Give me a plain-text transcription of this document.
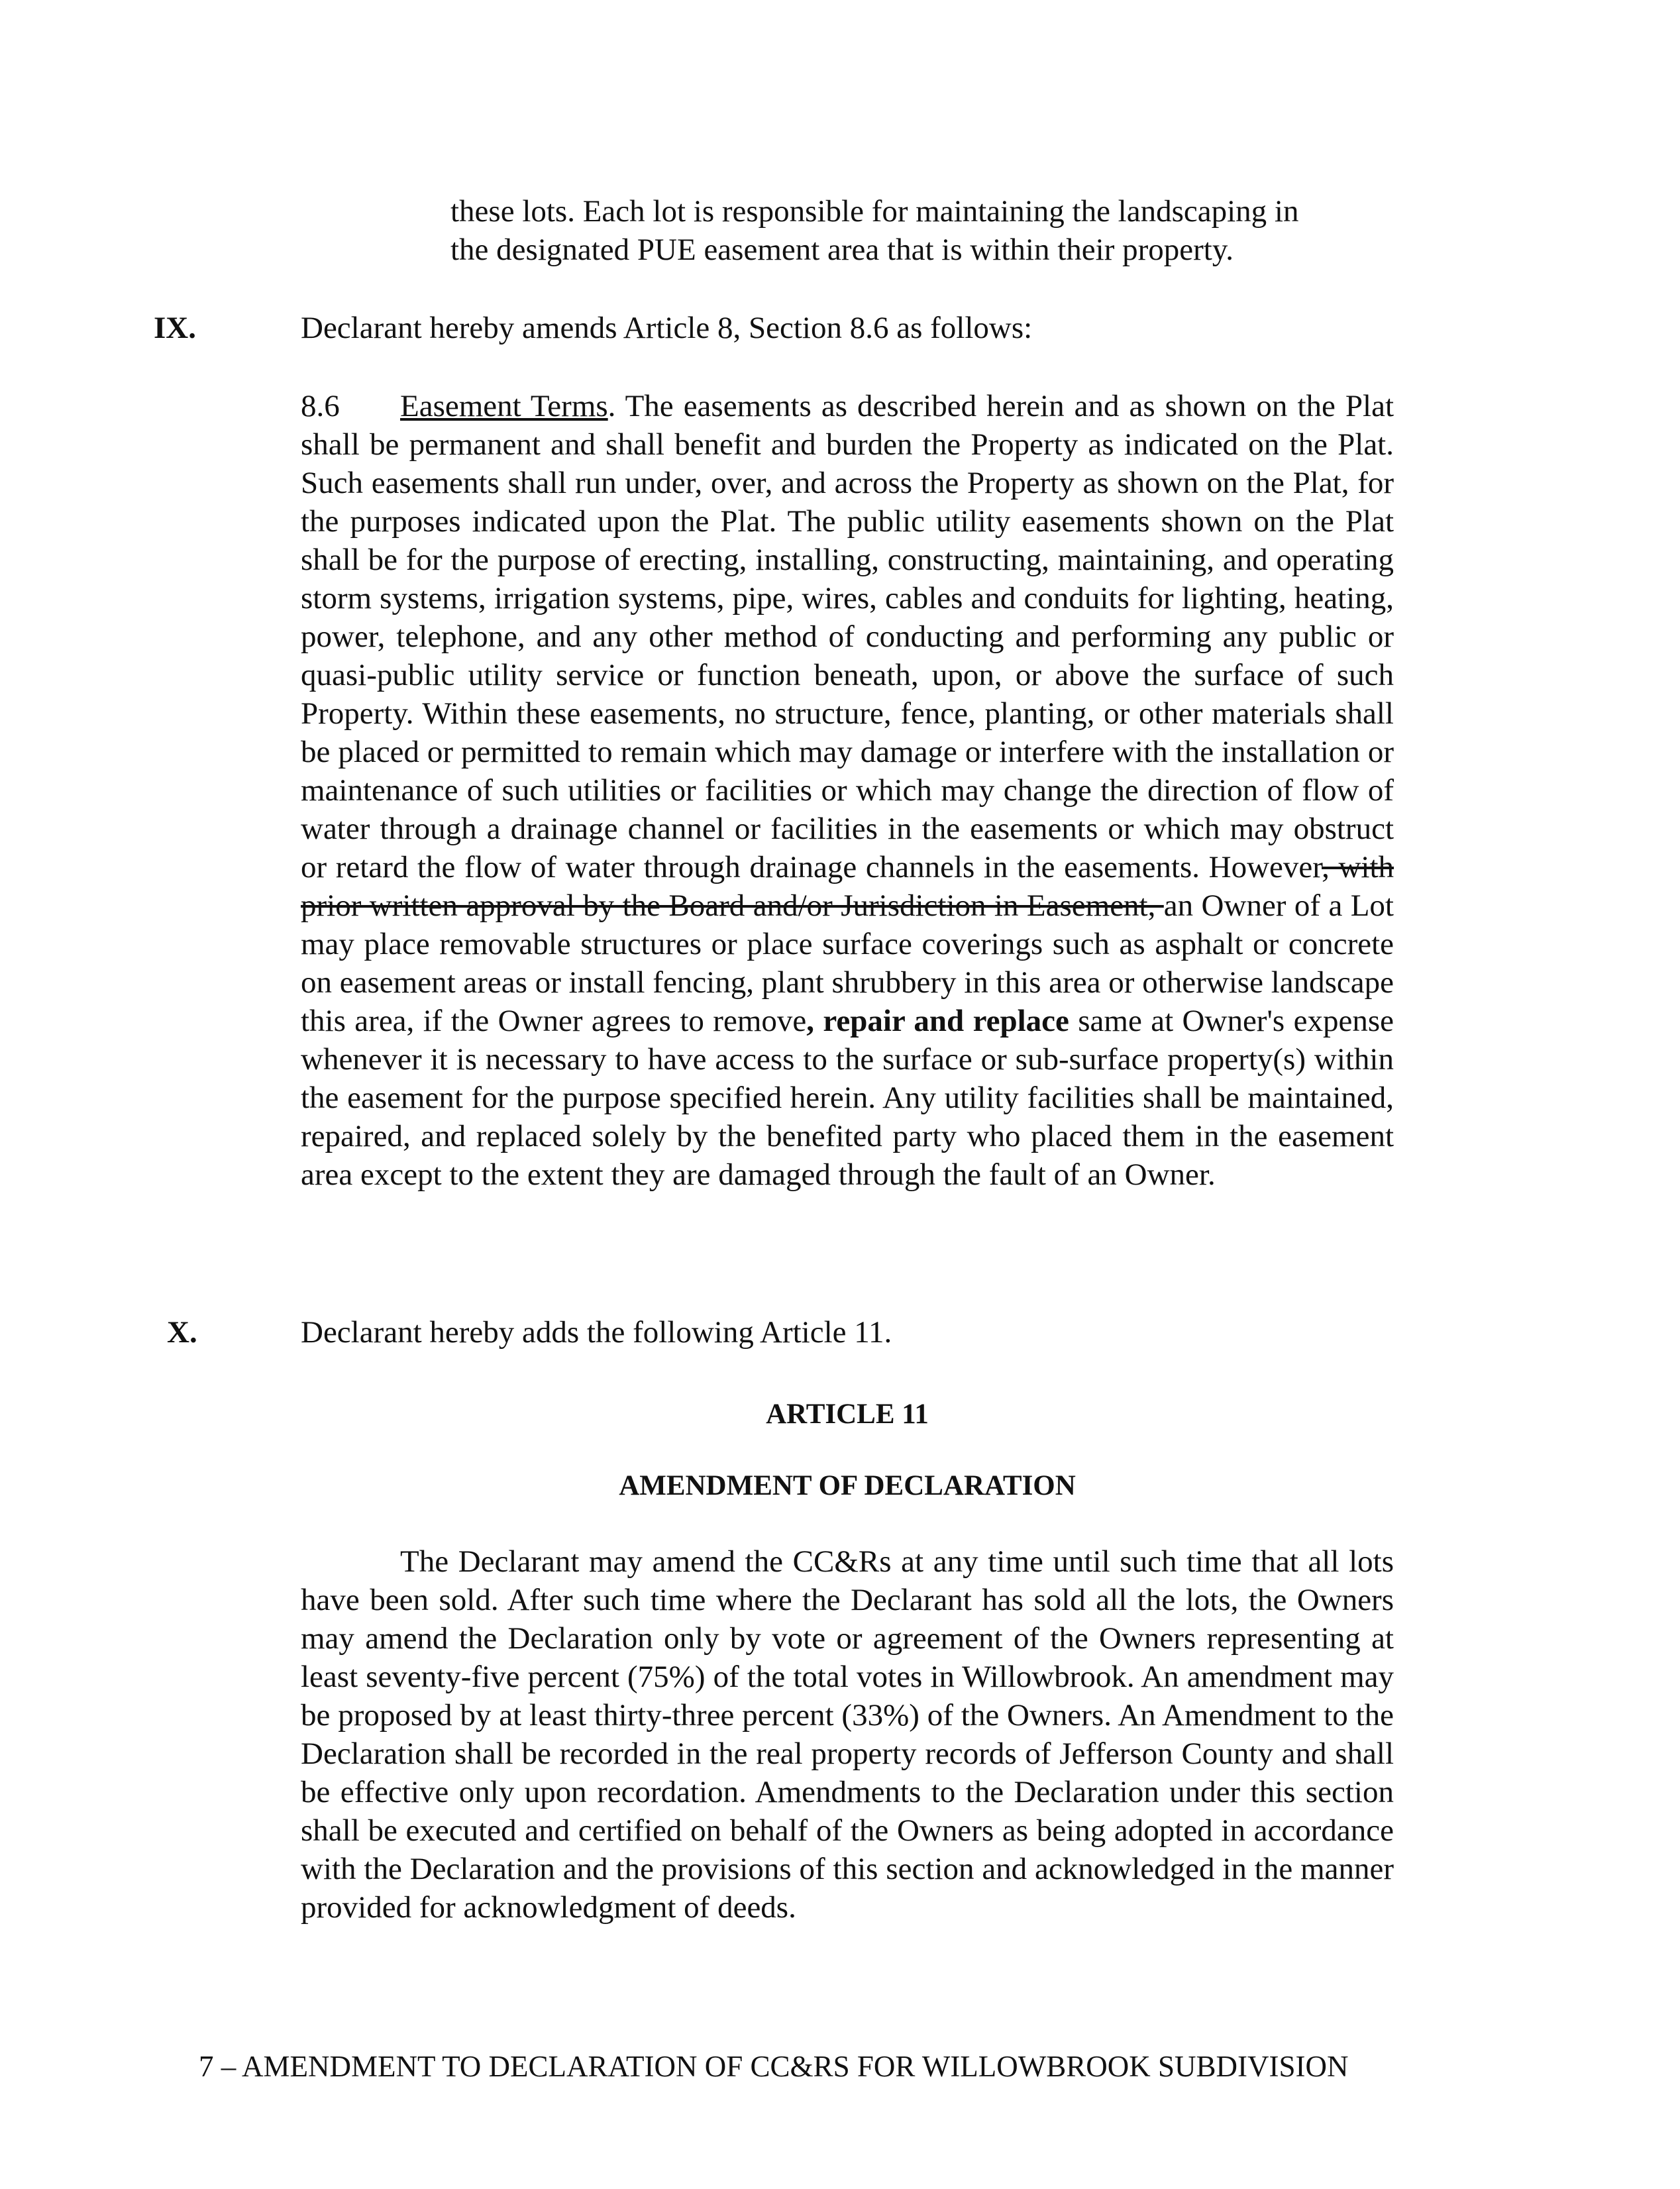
these lots. Each lot is responsible for maintaining the landscaping in
the designated PUE easement area that is within their property.
IX.	Declarant hereby amends Article 8, Section 8.6 as follows:
8.6 Easement Terms. The easements as described herein and as shown on the Plat shall be permanent and shall benefit and burden the Property as indicated on the Plat. Such easements shall run under, over, and across the Property as shown on the Plat, for the purposes indicated upon the Plat. The public utility easements shown on the Plat shall be for the purpose of erecting, installing, constructing, maintaining, and operating storm systems, irrigation systems, pipe, wires, cables and conduits for lighting, heating, power, telephone, and any other method of conducting and performing any public or quasi-public utility service or function beneath, upon, or above the surface of such Property. Within these easements, no structure, fence, planting, or other materials shall be placed or permitted to remain which may damage or interfere with the installation or maintenance of such utilities or facilities or which may change the direction of flow of water through a drainage channel or facilities in the easements or which may obstruct or retard the flow of water through drainage channels in the easements. However, with prior written approval by the Board and/or Jurisdiction in Easement, an Owner of a Lot may place removable structures or place surface coverings such as asphalt or concrete on easement areas or install fencing, plant shrubbery in this area or otherwise landscape this area, if the Owner agrees to remove, repair and replace same at Owner's expense whenever it is necessary to have access to the surface or sub-surface property(s) within the easement for the purpose specified herein. Any utility facilities shall be maintained, repaired, and replaced solely by the benefited party who placed them in the easement area except to the extent they are damaged through the fault of an Owner.
X.	Declarant hereby adds the following Article 11.
ARTICLE 11
AMENDMENT OF DECLARATION
The Declarant may amend the CC&Rs at any time until such time that all lots have been sold. After such time where the Declarant has sold all the lots, the Owners may amend the Declaration only by vote or agreement of the Owners representing at least seventy-five percent (75%) of the total votes in Willowbrook. An amendment may be proposed by at least thirty-three percent (33%) of the Owners. An Amendment to the Declaration shall be recorded in the real property records of Jefferson County and shall be effective only upon recordation. Amendments to the Declaration under this section shall be executed and certified on behalf of the Owners as being adopted in accordance with the Declaration and the provisions of this section and acknowledged in the manner provided for acknowledgment of deeds.
7 – AMENDMENT TO DECLARATION OF CC&RS FOR WILLOWBROOK SUBDIVISION
